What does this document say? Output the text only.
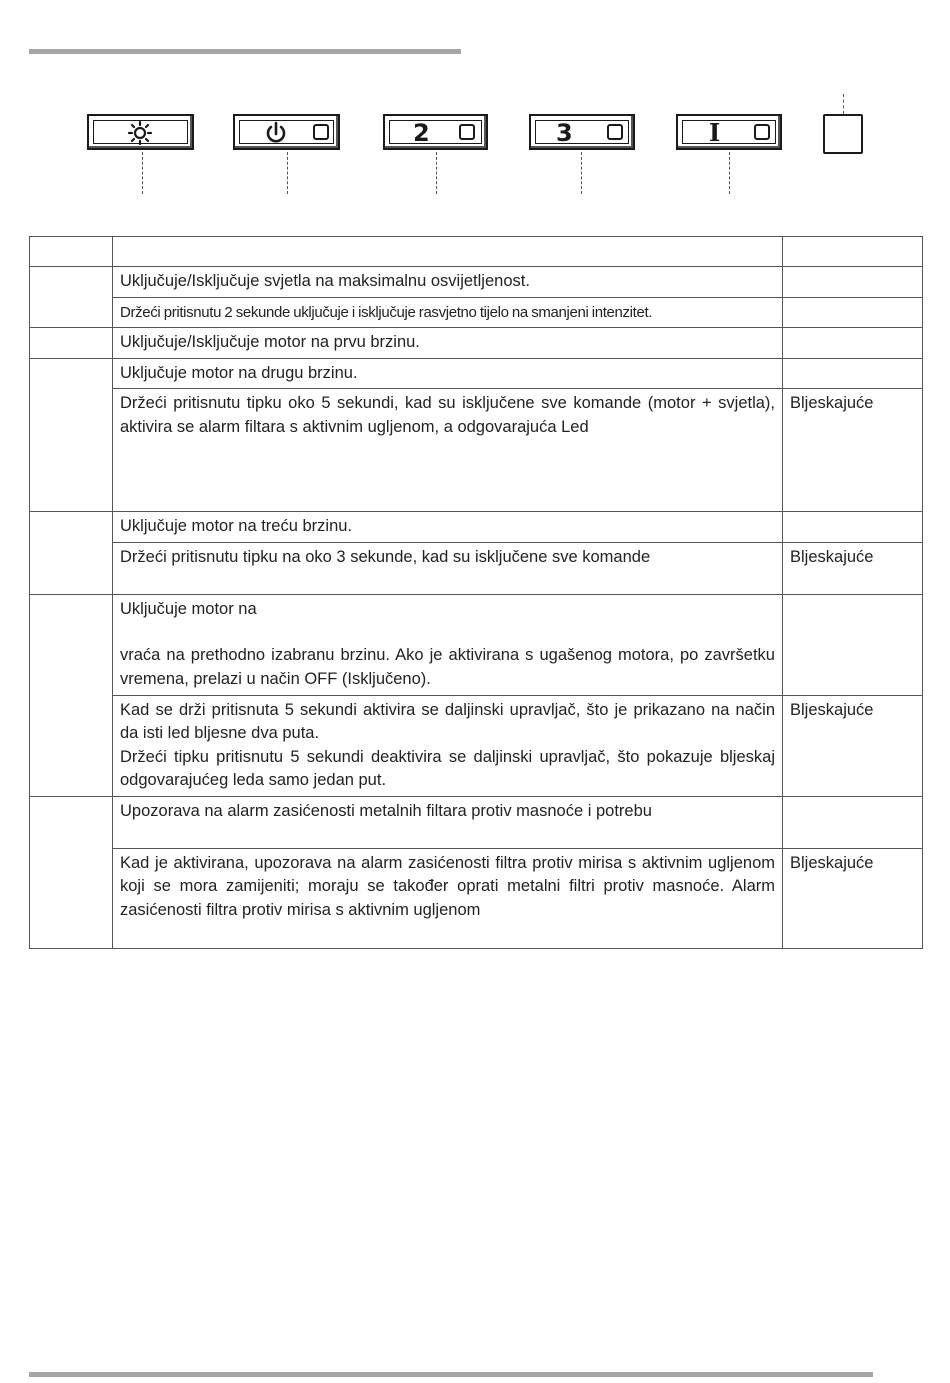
2	3	I

	Uključuje/Isključuje svjetla na maksimalnu osvijetljenost.	
	Držeći pritisnutu 2 sekunde uključuje i isključuje rasvjetno tijelo na smanjeni intenzitet.	
	Uključuje/Isključuje motor na prvu brzinu.	
	Uključuje motor na drugu brzinu.	
	Držeći pritisnutu tipku oko 5 sekundi, kad su isključene sve komande (motor + svjetla), aktivira se alarm filtara s aktivnim ugljenom, a odgovarajuća Led	Bljeskajuće
	Uključuje motor na treću brzinu.	
	Držeći pritisnutu tipku na oko 3 sekunde, kad su isključene sve komande	Bljeskajuće

	Uključuje motor na
vraća na prethodno izabranu brzinu. Ako je aktivirana s ugašenog motora, po završetku vremena, prelazi u način OFF (Isključeno).	

	Kad se drži pritisnuta 5 sekundi aktivira se daljinski upravljač, što je prikazano na način da isti led bljesne dva puta.
Držeći tipku pritisnutu 5 sekundi deaktivira se daljinski upravljač, što pokazuje bljeskaj odgovarajućeg leda samo jedan put.	Bljeskajuće
	Upozorava na alarm zasićenosti metalnih filtara protiv masnoće i potrebu	
	Kad je aktivirana, upozorava na alarm zasićenosti filtra protiv mirisa s aktivnim ugljenom koji se mora zamijeniti; moraju se također oprati metalni filtri protiv masnoće. Alarm zasićenosti filtra protiv mirisa s aktivnim ugljenom	Bljeskajuće
